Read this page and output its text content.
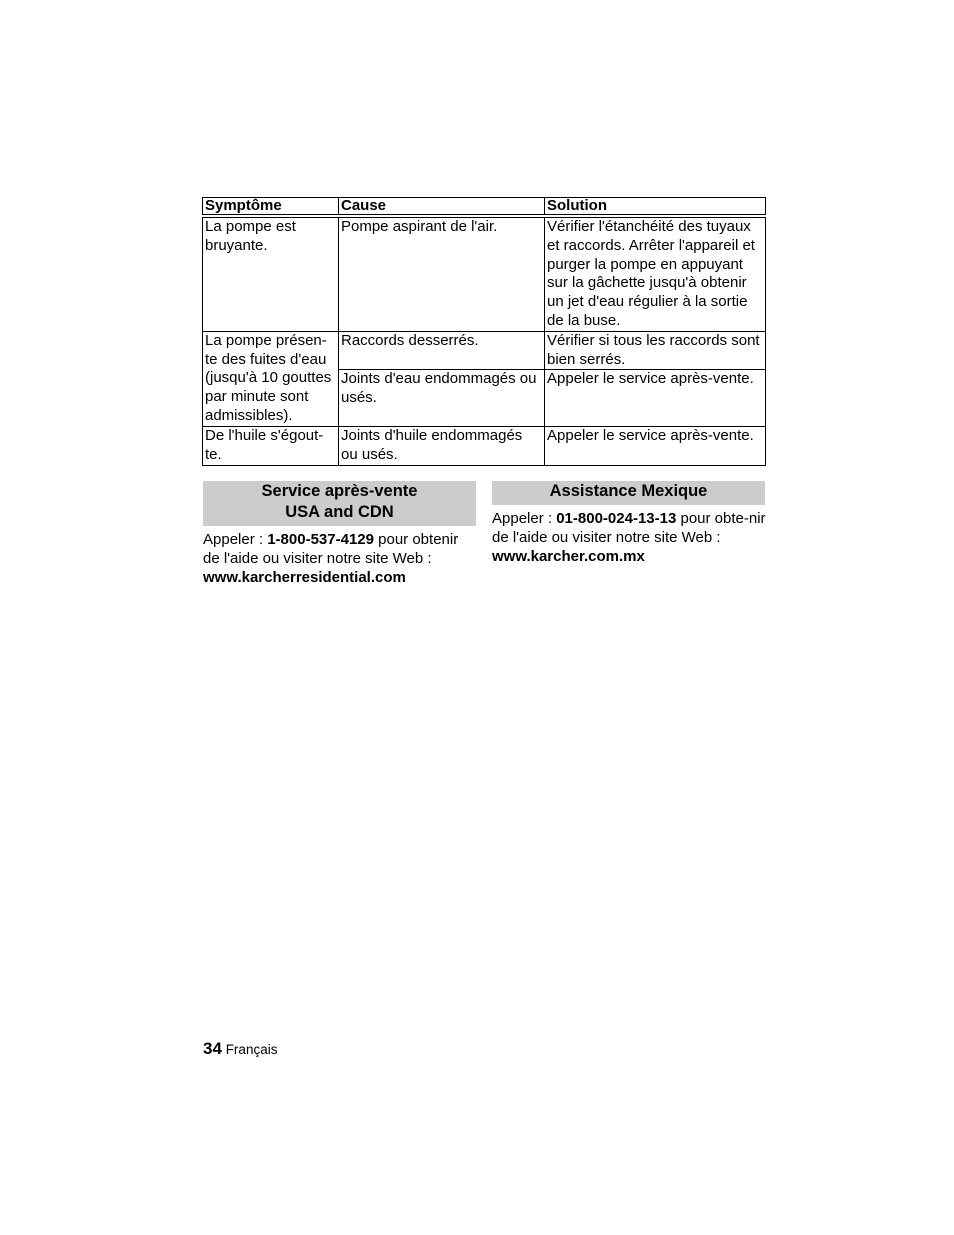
Symptôme	Cause	Solution
La pompe est bruyante.	Pompe aspirant de l'air.	Vérifier l'étanchéité des tuyaux et raccords. Arrêter l'appareil et purger la pompe en appuyant sur la gâchette jusqu'à obtenir un jet d'eau régulier à la sortie de la buse.
La pompe présen-te des fuites d'eau (jusqu'à 10 gouttes par minute sont admissibles).	Raccords desserrés.	Vérifier si tous les raccords sont bien serrés.
	Joints d'eau endommagés ou usés.	Appeler le service après-vente.
De l'huile s'égout-te.	Joints d'huile endommagés ou usés.	Appeler le service après-vente.
Service après-vente
USA and CDN
Appeler : 1-800-537-4129 pour obtenir de l'aide ou visiter notre site Web :
www.karcherresidential.com
Assistance Mexique
Appeler : 01-800-024-13-13 pour obte-nir de l'aide ou visiter notre site Web :
www.karcher.com.mx
34 Français
